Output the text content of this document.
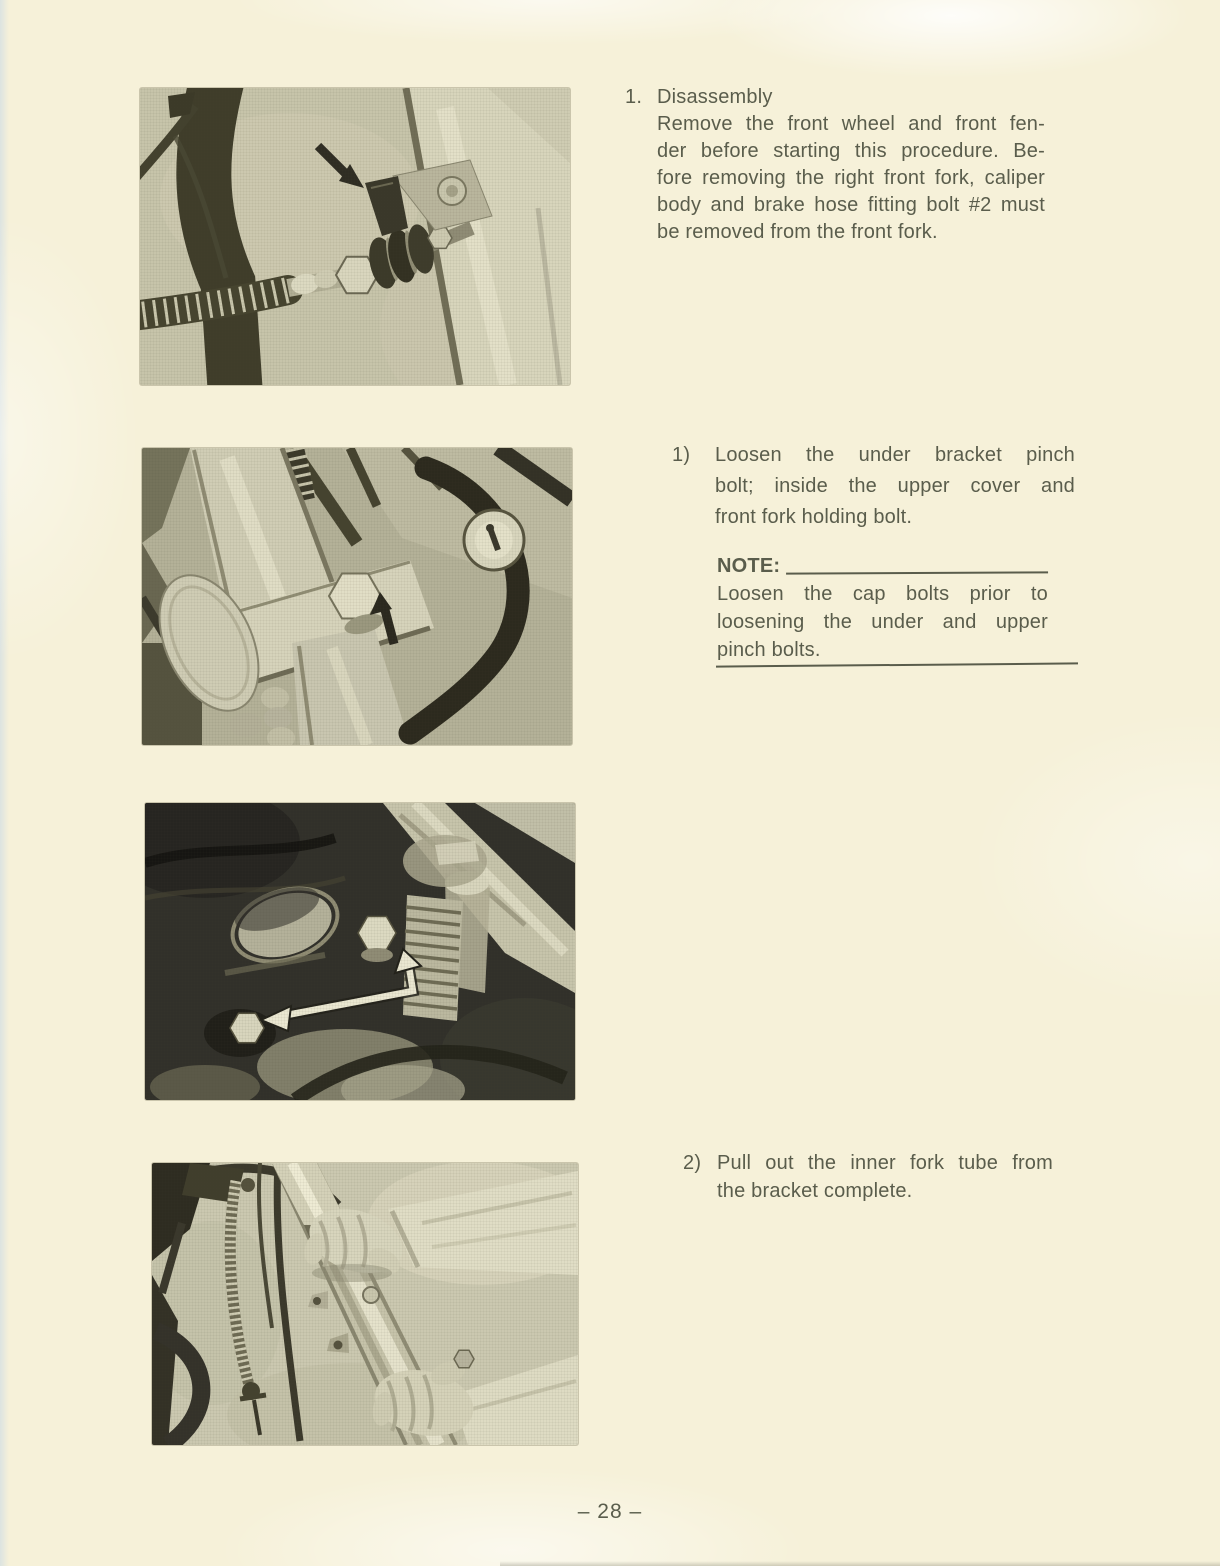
1. Disassembly
Remove the front wheel and front fen-
der before starting this procedure. Be-
fore removing the right front fork, caliper
body and brake hose fitting bolt #2 must
be removed from the front fork.
1) Loosen the under bracket pinch
bolt; inside the upper cover and
front fork holding bolt.
NOTE:
Loosen the cap bolts prior to
loosening the under and upper
pinch bolts.
2) Pull out the inner fork tube from
the bracket complete.
– 28 –
